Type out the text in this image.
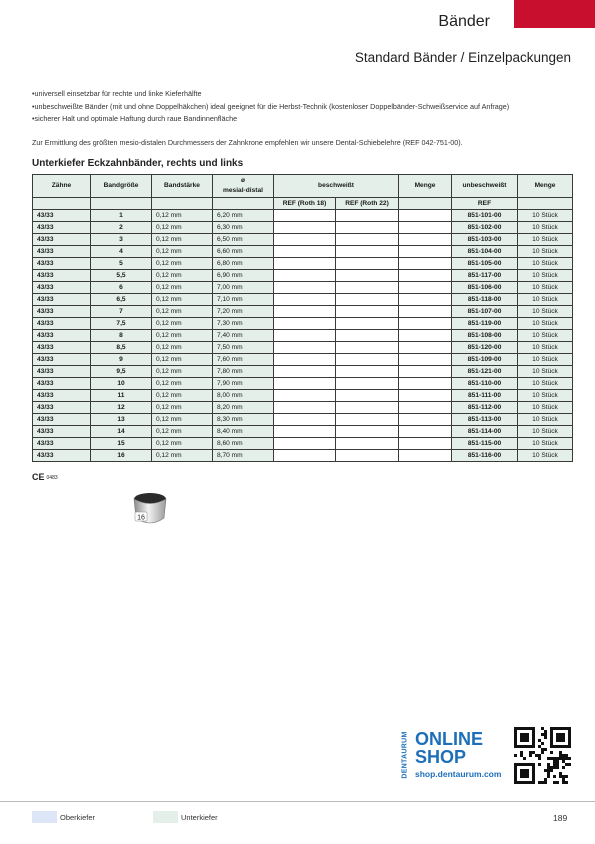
Bänder
Standard Bänder / Einzelpackungen
• universell einsetzbar für rechte und linke Kieferhälfte
• unbeschweißte Bänder (mit und ohne Doppelhäkchen) ideal geeignet für die Herbst-Technik (kostenloser Doppelbänder-Schweißservice auf Anfrage)
• sicherer Halt und optimale Haftung durch raue Bandinnenfläche
Zur Ermittlung des größten mesio-distalen Durchmessers der Zahnkrone empfehlen wir unsere Dental-Schiebelehre (REF 042-751-00).
Unterkiefer Eckzahnbänder, rechts und links
Zähne	Bandgröße	Bandstärke	ø
mesial-distal	beschweißt		Menge	unbeschweißt	Menge
				REF (Roth 18)	REF (Roth 22)		REF	
43/33	1	0,12 mm	6,20 mm				851-101-00	10 Stück
43/33	2	0,12 mm	6,30 mm				851-102-00	10 Stück
43/33	3	0,12 mm	6,50 mm				851-103-00	10 Stück
43/33	4	0,12 mm	6,60 mm				851-104-00	10 Stück
43/33	5	0,12 mm	6,80 mm				851-105-00	10 Stück
43/33	5,5	0,12 mm	6,90 mm				851-117-00	10 Stück
43/33	6	0,12 mm	7,00 mm				851-106-00	10 Stück
43/33	6,5	0,12 mm	7,10 mm				851-118-00	10 Stück
43/33	7	0,12 mm	7,20 mm				851-107-00	10 Stück
43/33	7,5	0,12 mm	7,30 mm				851-119-00	10 Stück
43/33	8	0,12 mm	7,40 mm				851-108-00	10 Stück
43/33	8,5	0,12 mm	7,50 mm				851-120-00	10 Stück
43/33	9	0,12 mm	7,60 mm				851-109-00	10 Stück
43/33	9,5	0,12 mm	7,80 mm				851-121-00	10 Stück
43/33	10	0,12 mm	7,90 mm				851-110-00	10 Stück
43/33	11	0,12 mm	8,00 mm				851-111-00	10 Stück
43/33	12	0,12 mm	8,20 mm				851-112-00	10 Stück
43/33	13	0,12 mm	8,30 mm				851-113-00	10 Stück
43/33	14	0,12 mm	8,40 mm				851-114-00	10 Stück
43/33	15	0,12 mm	8,60 mm				851-115-00	10 Stück
43/33	16	0,12 mm	8,70 mm				851-116-00	10 Stück
CE 0483
16
DENTAURUM ONLINE
SHOP
shop.dentaurum.com
Oberkiefer	Unterkiefer	189
